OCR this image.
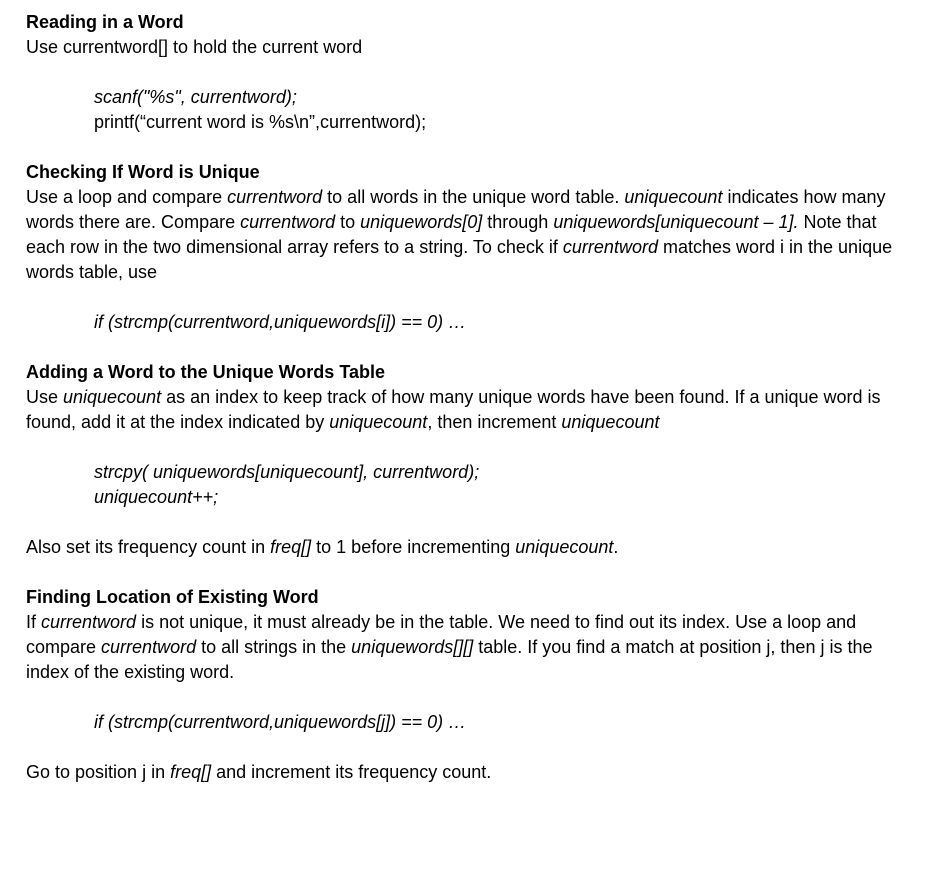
Reading in a Word

Use currentword[] to hold the current word

scanf("%s", currentword);

printf(“current word is %s\n”,currentword);

Checking If Word is Unique

Use a loop and compare currentword to all words in the unique word table. uniquecount indicates how many words there are. Compare currentword to uniquewords[0] through uniquewords[uniquecount – 1]. Note that each row in the two dimensional array refers to a string. To check if currentword matches word i in the unique words table, use

if (strcmp(currentword,uniquewords[i]) == 0) …

Adding a Word to the Unique Words Table

Use uniquecount as an index to keep track of how many unique words have been found. If a unique word is found, add it at the index indicated by uniquecount, then increment uniquecount

strcpy( uniquewords[uniquecount], currentword);

uniquecount++;

Also set its frequency count in freq[] to 1 before incrementing uniquecount.

Finding Location of Existing Word

If currentword is not unique, it must already be in the table. We need to find out its index. Use a loop and compare currentword to all strings in the uniquewords[][] table. If you find a match at position j, then j is the index of the existing word.

if (strcmp(currentword,uniquewords[j]) == 0) …

Go to position j in freq[] and increment its frequency count.
